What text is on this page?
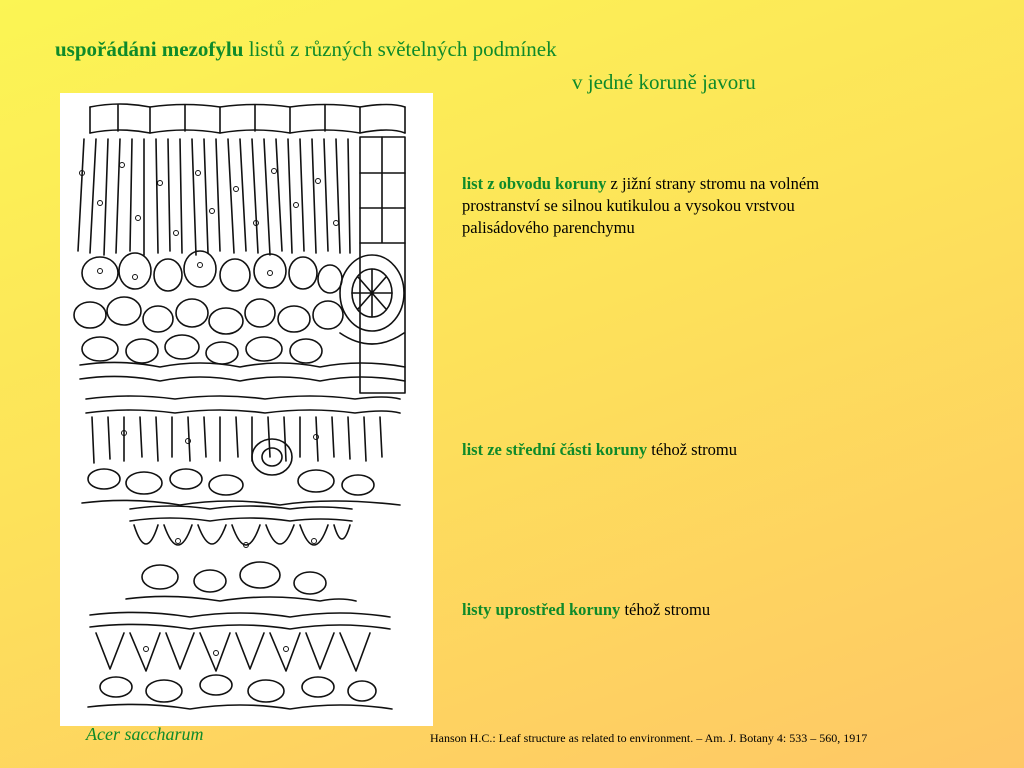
uspořádáni mezofylu listů z různých světelných podmínek
v jedné koruně javoru
list z obvodu koruny z jižní strany stromu na volném prostranství se silnou kutikulou a vysokou vrstvou palisádového parenchymu
list ze střední části koruny téhož stromu
listy uprostřed koruny téhož stromu
Acer saccharum	Hanson H.C.: Leaf structure as related to environment. – Am. J. Botany 4: 533 – 560, 1917
